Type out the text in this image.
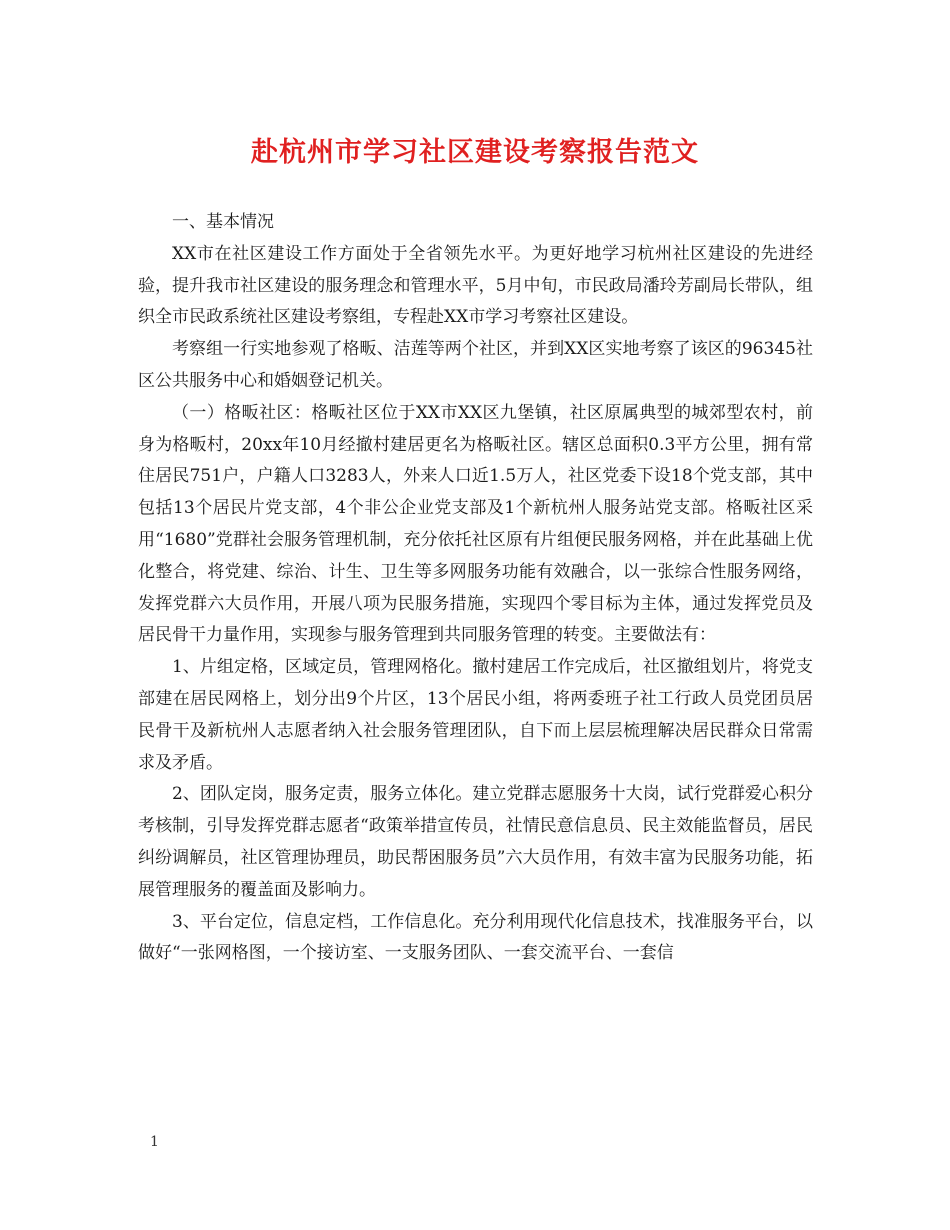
赴杭州市学习社区建设考察报告范文

一、基本情况

XX市在社区建设工作方面处于全省领先水平。为更好地学习杭州社区建设的先进经验，提升我市社区建设的服务理念和管理水平，5月中旬，市民政局潘玲芳副局长带队，组织全市民政系统社区建设考察组，专程赴XX市学习考察社区建设。

考察组一行实地参观了格畈、洁莲等两个社区，并到XX区实地考察了该区的96345社区公共服务中心和婚姻登记机关。

（一）格畈社区：格畈社区位于XX市XX区九堡镇，社区原属典型的城郊型农村，前身为格畈村，20xx年10月经撤村建居更名为格畈社区。辖区总面积0.3平方公里，拥有常住居民751户，户籍人口3283人，外来人口近1.5万人，社区党委下设18个党支部，其中包括13个居民片党支部，4个非公企业党支部及1个新杭州人服务站党支部。格畈社区采用“1680”党群社会服务管理机制，充分依托社区原有片组便民服务网格，并在此基础上优化整合，将党建、综治、计生、卫生等多网服务功能有效融合，以一张综合性服务网络，发挥党群六大员作用，开展八项为民服务措施，实现四个零目标为主体，通过发挥党员及居民骨干力量作用，实现参与服务管理到共同服务管理的转变。主要做法有：

1、片组定格，区域定员，管理网格化。撤村建居工作完成后，社区撤组划片，将党支部建在居民网格上，划分出9个片区，13个居民小组，将两委班子社工行政人员党团员居民骨干及新杭州人志愿者纳入社会服务管理团队，自下而上层层梳理解决居民群众日常需求及矛盾。

2、团队定岗，服务定责，服务立体化。建立党群志愿服务十大岗，试行党群爱心积分考核制，引导发挥党群志愿者“政策举措宣传员，社情民意信息员、民主效能监督员，居民纠纷调解员，社区管理协理员，助民帮困服务员”六大员作用，有效丰富为民服务功能，拓展管理服务的覆盖面及影响力。

3、平台定位，信息定档，工作信息化。充分利用现代化信息技术，找准服务平台，以做好“一张网格图，一个接访室、一支服务团队、一套交流平台、一套信

1
